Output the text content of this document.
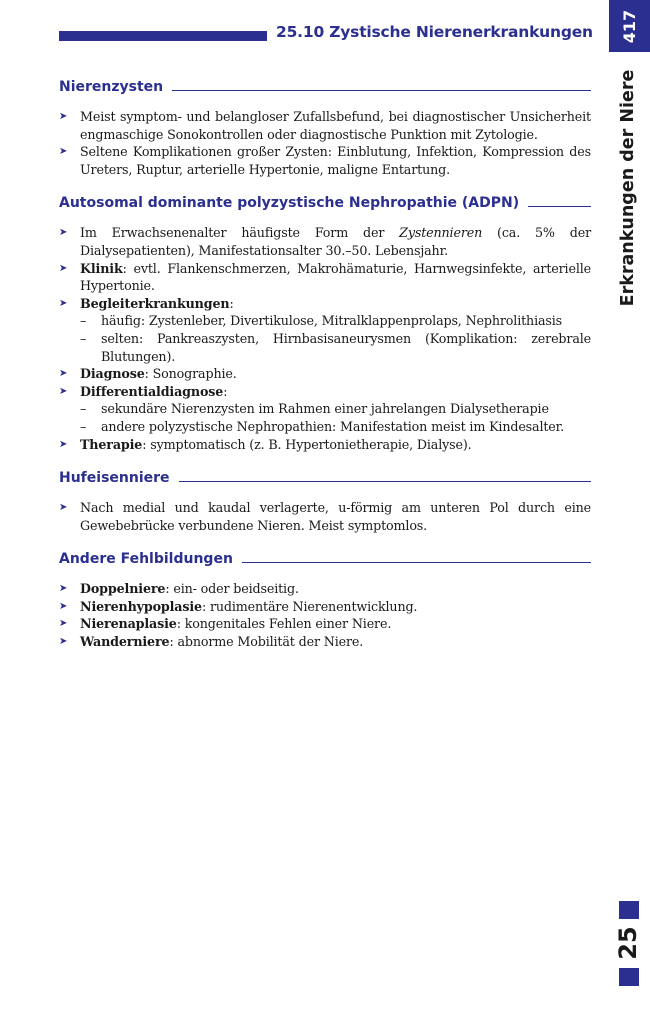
25.10 Zystische Nierenerkrankungen 417
Erkrankungen der Niere
25
Nierenzysten
➤ Meist symptom- und belangloser Zufallsbefund, bei diagnostischer Unsicherheit engmaschige Sonokontrollen oder diagnostische Punktion mit Zytologie.
➤ Seltene Komplikationen großer Zysten: Einblutung, Infektion, Kompression des Ureters, Ruptur, arterielle Hypertonie, maligne Entartung.
Autosomal dominante polyzystische Nephropathie (ADPN)
➤ Im Erwachsenenalter häufigste Form der Zystennieren (ca. 5% der Dialysepatienten), Manifestationsalter 30.–50. Lebensjahr.
➤ Klinik: evtl. Flankenschmerzen, Makrohämaturie, Harnwegsinfekte, arterielle Hypertonie.
➤ Begleiterkrankungen:
– häufig: Zystenleber, Divertikulose, Mitralklappenprolaps, Nephrolithiasis
– selten: Pankreaszysten, Hirnbasisaneurysmen (Komplikation: zerebrale Blutungen).
➤ Diagnose: Sonographie.
➤ Differentialdiagnose:
– sekundäre Nierenzysten im Rahmen einer jahrelangen Dialysetherapie
– andere polyzystische Nephropathien: Manifestation meist im Kindesalter.
➤ Therapie: symptomatisch (z. B. Hypertonietherapie, Dialyse).
Hufeisenniere
➤ Nach medial und kaudal verlagerte, u-förmig am unteren Pol durch eine Gewebebrücke verbundene Nieren. Meist symptomlos.
Andere Fehlbildungen
➤ Doppelniere: ein- oder beidseitig.
➤ Nierenhypoplasie: rudimentäre Nierenentwicklung.
➤ Nierenaplasie: kongenitales Fehlen einer Niere.
➤ Wanderniere: abnorme Mobilität der Niere.
